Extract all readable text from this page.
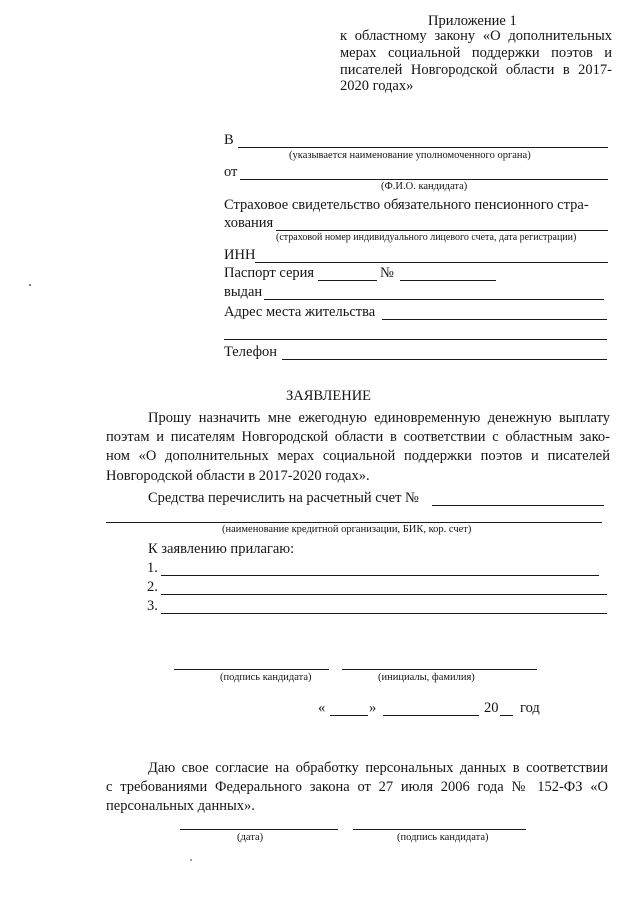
Приложение 1
к областному закону «О дополнительных
мерах социальной поддержки поэтов и
писателей Новгородской области в 2017-
2020 годах»
В
(указывается наименование уполномоченного органа)
от
(Ф.И.О. кандидата)
Страховое свидетельство обязательного пенсионного стра-
хования
(страховой номер индивидуального лицевого счета, дата регистрации)
ИНН
Паспорт серия	№
выдан
Адрес места жительства
Телефон
ЗАЯВЛЕНИЕ
Прошу назначить мне ежегодную единовременную денежную выплату
поэтам и писателям Новгородской области в соответствии с областным зако-
ном «О дополнительных мерах социальной поддержки поэтов и писателей
Новгородской области в 2017-2020 годах».
Средства перечислить на расчетный счет №
(наименование кредитной организации, БИК, кор. счет)
К заявлению прилагаю:
1.
2.
3.
(подпись кандидата)	(инициалы, фамилия)
«	»	20 год
Даю свое согласие на обработку персональных данных в соответствии
с требованиями Федерального закона от 27 июля 2006 года № 152-ФЗ «О
персональных данных».
(дата)	(подпись кандидата)
